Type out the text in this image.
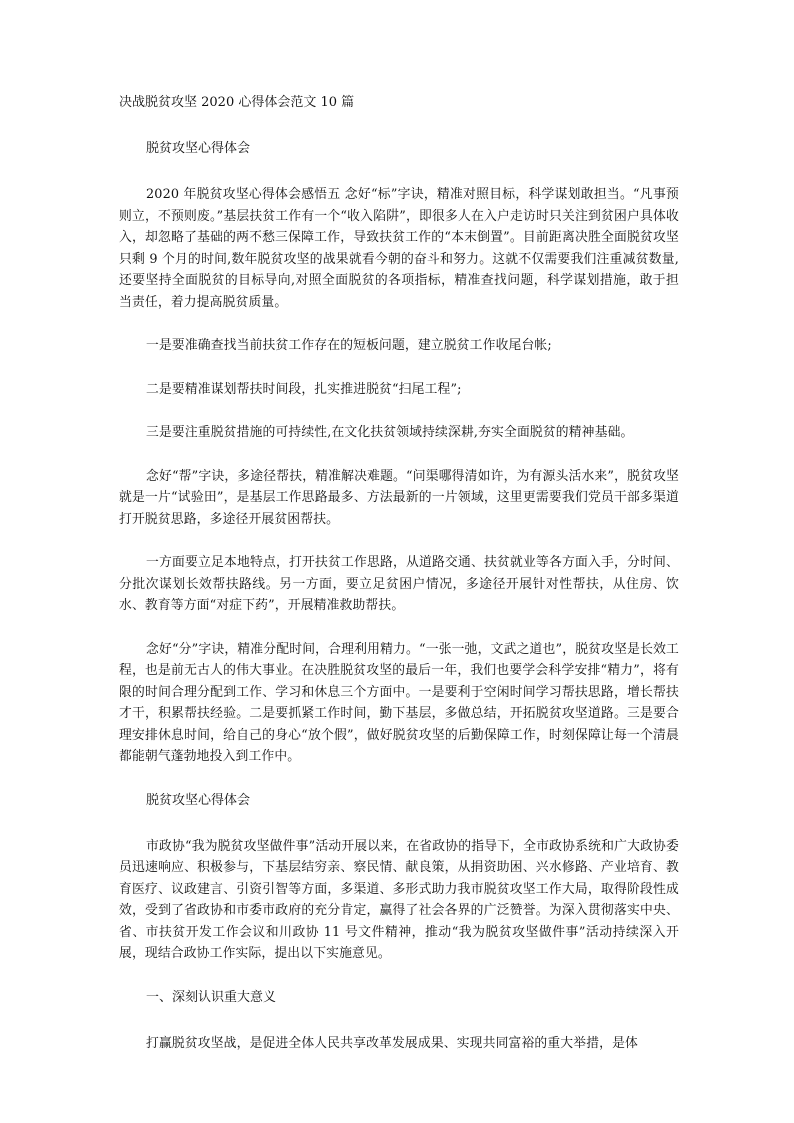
决战脱贫攻坚 2020 心得体会范文 10 篇
脱贫攻坚心得体会

2020 年脱贫攻坚心得体会感悟五 念好“标”字诀，精准对照目标，科学谋划敢担当。“凡事预则立，不预则废。”基层扶贫工作有一个“收入陷阱”，即很多人在入户走访时只关注到贫困户具体收入，却忽略了基础的两不愁三保障工作，导致扶贫工作的“本末倒置”。目前距离决胜全面脱贫攻坚只剩 9 个月的时间,数年脱贫攻坚的战果就看今朝的奋斗和努力。这就不仅需要我们注重减贫数量,还要坚持全面脱贫的目标导向,对照全面脱贫的各项指标，精准查找问题，科学谋划措施，敢于担当责任，着力提高脱贫质量。

一是要准确查找当前扶贫工作存在的短板问题，建立脱贫工作收尾台帐;

二是要精准谋划帮扶时间段，扎实推进脱贫“扫尾工程”;

三是要注重脱贫措施的可持续性,在文化扶贫领域持续深耕,夯实全面脱贫的精神基础。

念好“帮”字诀，多途径帮扶，精准解决难题。“问渠哪得清如许，为有源头活水来”，脱贫攻坚就是一片“试验田”，是基层工作思路最多、方法最新的一片领域，这里更需要我们党员干部多渠道打开脱贫思路，多途径开展贫困帮扶。

一方面要立足本地特点，打开扶贫工作思路，从道路交通、扶贫就业等各方面入手，分时间、分批次谋划长效帮扶路线。另一方面，要立足贫困户情况，多途径开展针对性帮扶，从住房、饮水、教育等方面“对症下药”，开展精准救助帮扶。

念好“分”字诀，精准分配时间，合理利用精力。“一张一弛，文武之道也”，脱贫攻坚是长效工程，也是前无古人的伟大事业。在决胜脱贫攻坚的最后一年，我们也要学会科学安排“精力”，将有限的时间合理分配到工作、学习和休息三个方面中。一是要利于空闲时间学习帮扶思路，增长帮扶才干，积累帮扶经验。二是要抓紧工作时间，勤下基层，多做总结，开拓脱贫攻坚道路。三是要合理安排休息时间，给自己的身心“放个假”，做好脱贫攻坚的后勤保障工作，时刻保障让每一个清晨都能朝气蓬勃地投入到工作中。

脱贫攻坚心得体会

市政协“我为脱贫攻坚做件事”活动开展以来，在省政协的指导下，全市政协系统和广大政协委员迅速响应、积极参与，下基层结穷亲、察民情、献良策，从捐资助困、兴水修路、产业培育、教育医疗、议政建言、引资引智等方面，多渠道、多形式助力我市脱贫攻坚工作大局，取得阶段性成效，受到了省政协和市委市政府的充分肯定，赢得了社会各界的广泛赞誉。为深入贯彻落实中央、省、市扶贫开发工作会议和川政协 11 号文件精神，推动“我为脱贫攻坚做件事”活动持续深入开展，现结合政协工作实际，提出以下实施意见。

一、深刻认识重大意义

打赢脱贫攻坚战，是促进全体人民共享改革发展成果、实现共同富裕的重大举措，是体
